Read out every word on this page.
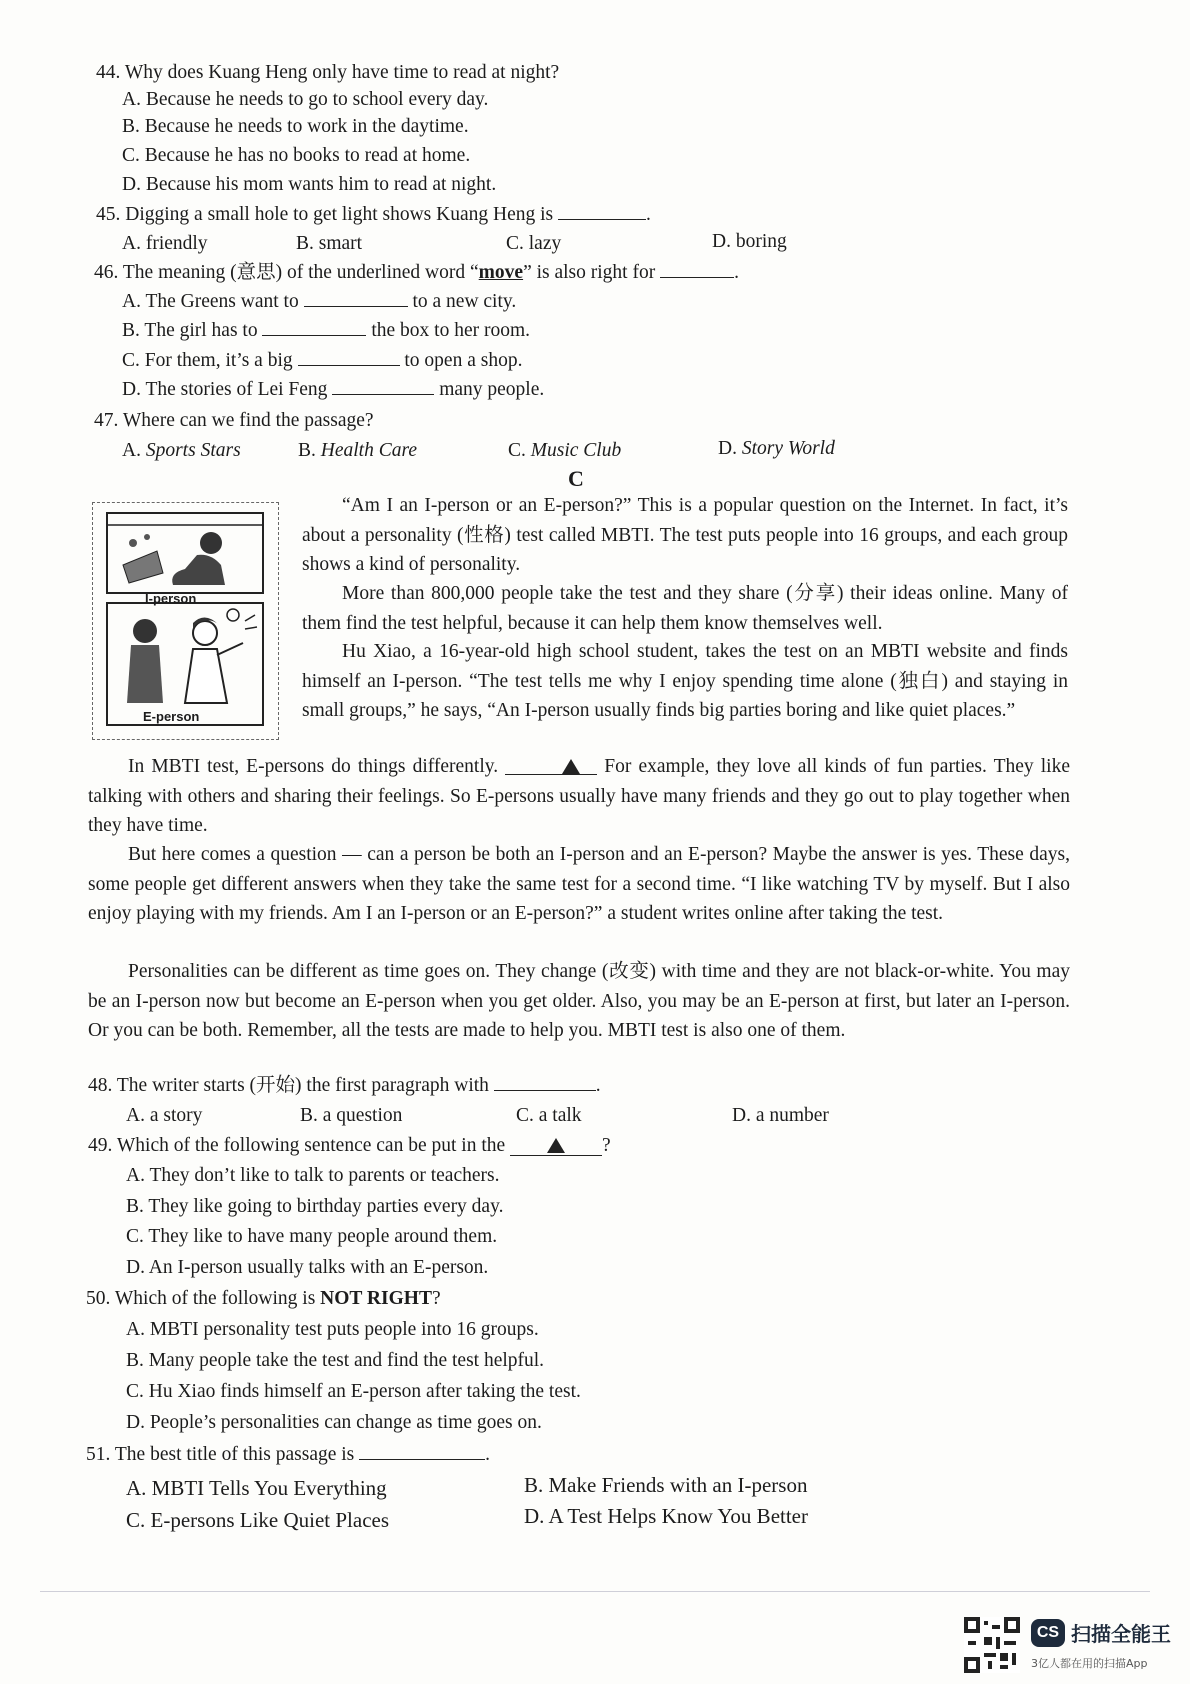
44. Why does Kuang Heng only have time to read at night?
A. Because he needs to go to school every day.
B. Because he needs to work in the daytime.
C. Because he has no books to read at home.
D. Because his mom wants him to read at night.
45. Digging a small hole to get light shows Kuang Heng is	.
A. friendly	B. smart	C. lazy	D. boring
46. The meaning (意思) of the underlined word “move” is also right for	.
A. The Greens want to	to a new city.
B. The girl has to	the box to her room.
C. For them, it’s a big	to open a shop.
D. The stories of Lei Feng	many people.
47. Where can we find the passage?
A. Sports Stars	B. Health Care	C. Music Club	D. Story World
C
I-person
E-person
“Am I an I-person or an E-person?” This is a popular question on the Internet. In fact, it’s about a personality (性格) test called MBTI. The test puts people into 16 groups, and each group shows a kind of personality.
More than 800,000 people take the test and they share (分享) their ideas online. Many of them find the test helpful, because it can help them know themselves well.
Hu Xiao, a 16-year-old high school student, takes the test on an MBTI website and finds himself an I-person. “The test tells me why I enjoy spending time alone (独白) and staying in small groups,” he says, “An I-person usually finds big parties boring and like quiet places.”
In MBTI test, E-persons do things differently.	For example, they love all kinds of fun parties. They like talking with others and sharing their feelings. So E-persons usually have many friends and they go out to play together when they have time.
But here comes a question — can a person be both an I-person and an E-person? Maybe the answer is yes. These days, some people get different answers when they take the same test for a second time. “I like watching TV by myself. But I also enjoy playing with my friends. Am I an I-person or an E-person?” a student writes online after taking the test.
Personalities can be different as time goes on. They change (改变) with time and they are not black-or-white. You may be an I-person now but become an E-person when you get older. Also, you may be an E-person at first, but later an I-person. Or you can be both. Remember, all the tests are made to help you. MBTI test is also one of them.
48. The writer starts (开始) the first paragraph with	.
A. a story	B. a question	C. a talk	D. a number
49. Which of the following sentence can be put in the	?
A. They don’t like to talk to parents or teachers.
B. They like going to birthday parties every day.
C. They like to have many people around them.
D. An I-person usually talks with an E-person.
50. Which of the following is NOT RIGHT?
A. MBTI personality test puts people into 16 groups.
B. Many people take the test and find the test helpful.
C. Hu Xiao finds himself an E-person after taking the test.
D. People’s personalities can change as time goes on.
51. The best title of this passage is	.
A. MBTI Tells You Everything	B. Make Friends with an I-person
C. E-persons Like Quiet Places	D. A Test Helps Know You Better
CS 扫描全能王
3亿人都在用的扫描App
